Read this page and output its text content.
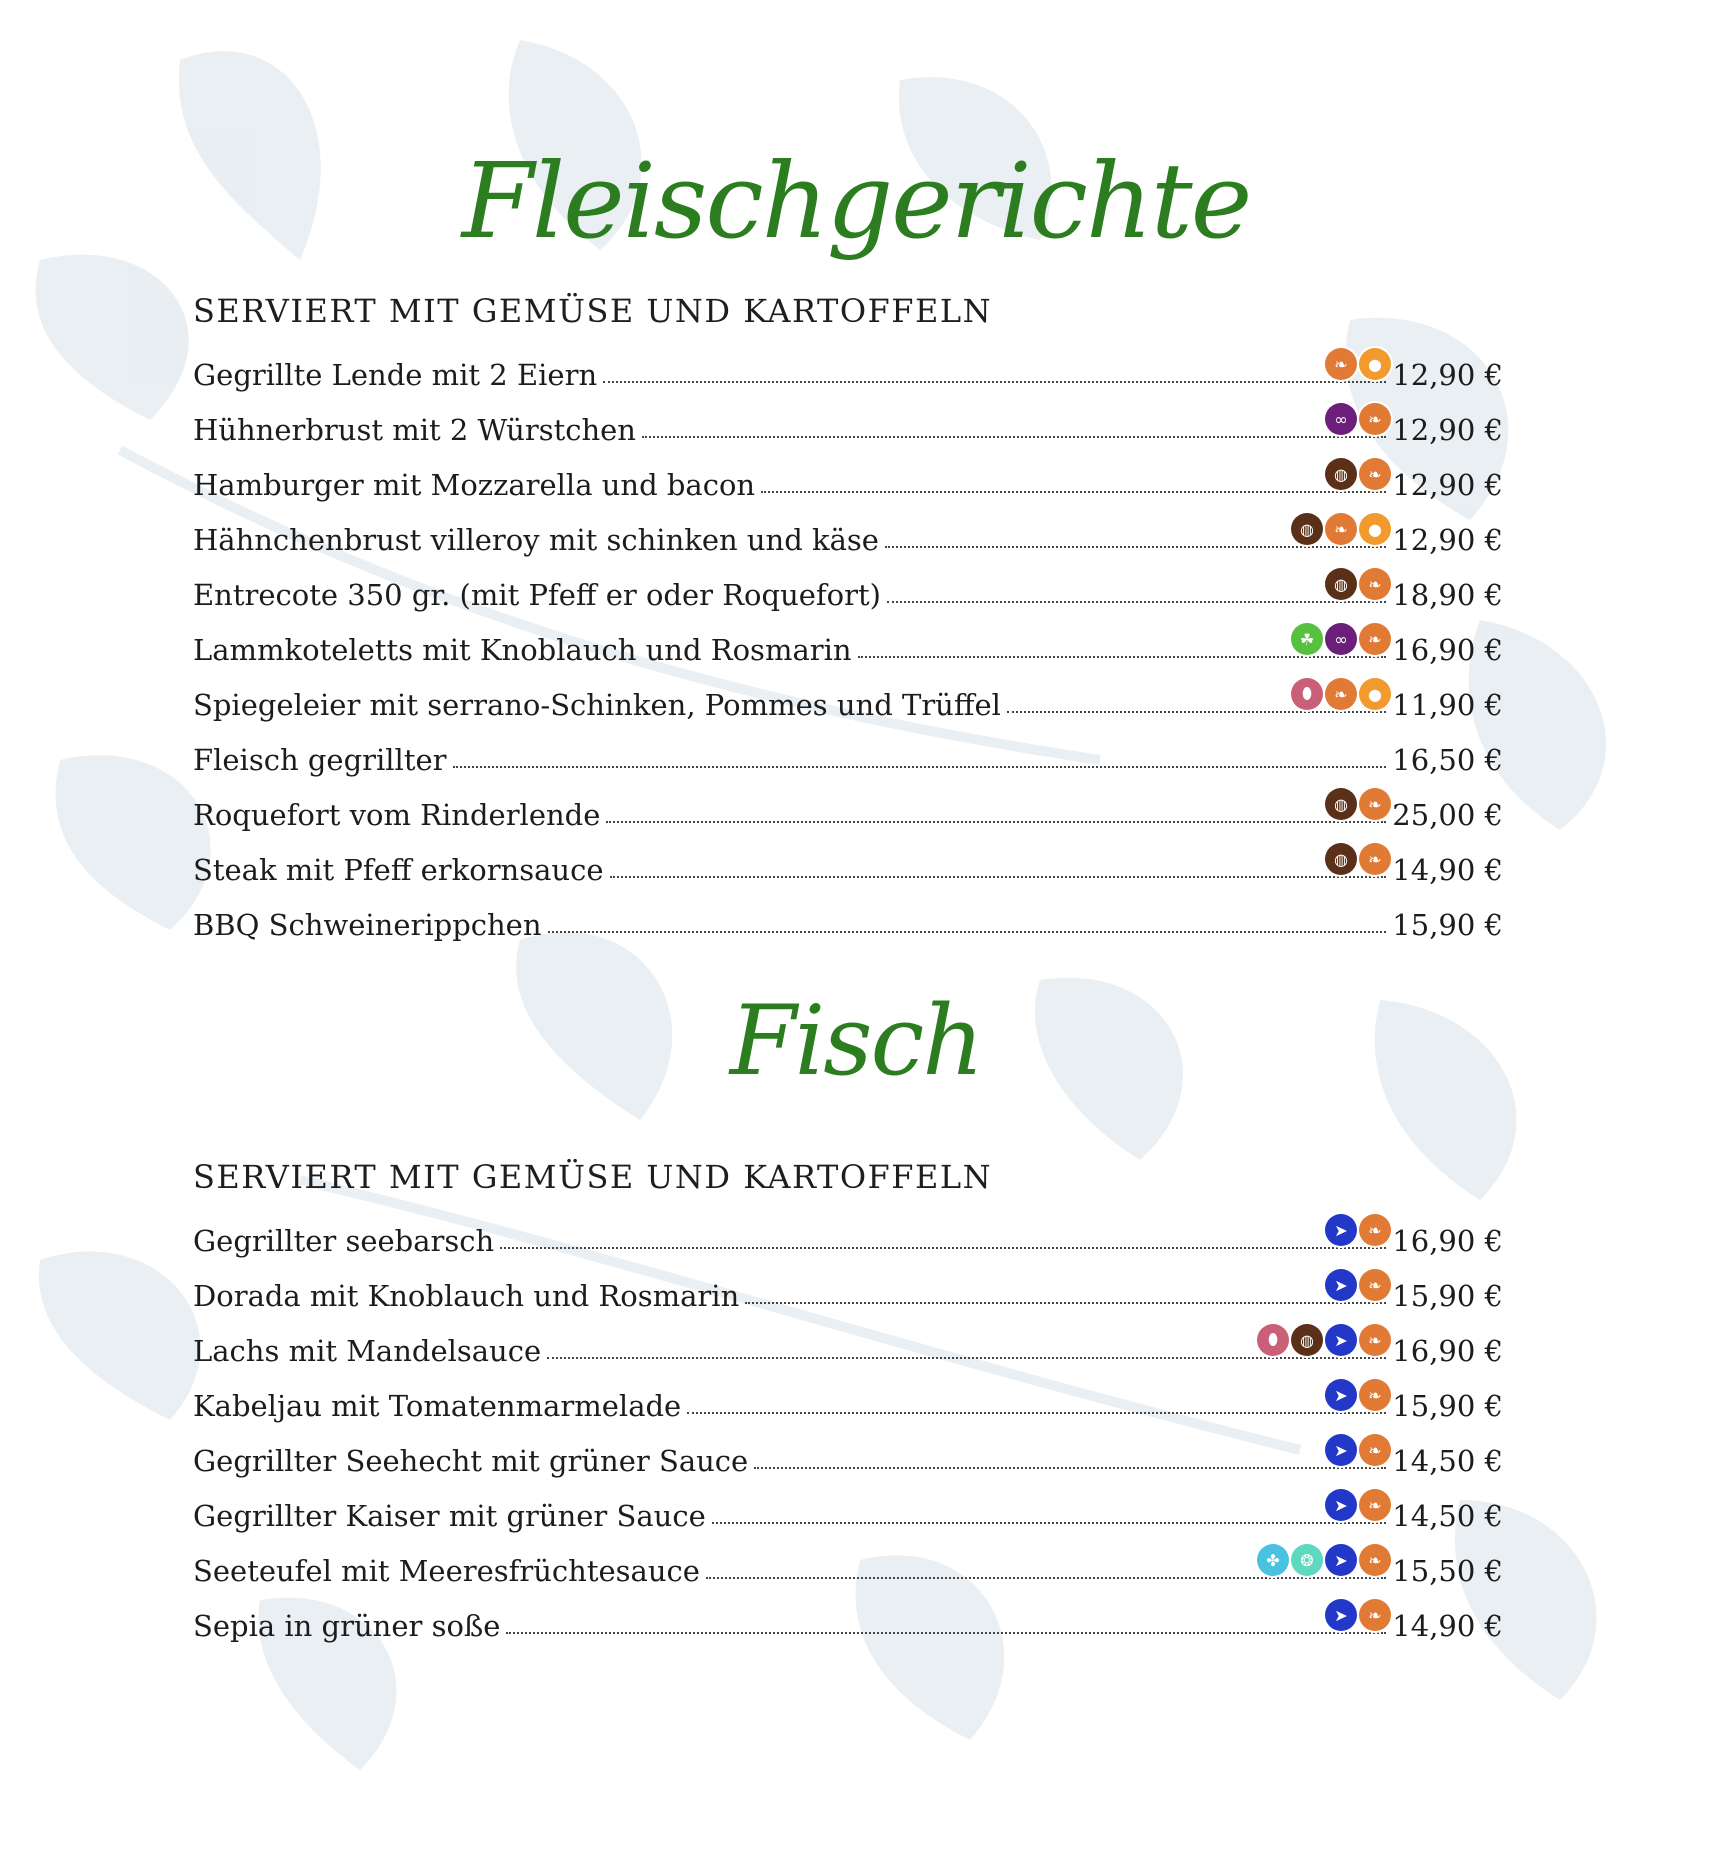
Fleischgerichte
SERVIERT MIT GEMÜSE UND KARTOFFELN
Gegrillte Lende mit 2 Eiern	❧	● 12,90 €
Hühnerbrust mit 2 Würstchen	∞	❧ 12,90 €
Hamburger mit Mozzarella und bacon	◍	❧ 12,90 €
Hähnchenbrust villeroy mit schinken und käse	◍	❧	● 12,90 €
Entrecote 350 gr. (mit Pfeff er oder Roquefort)	◍	❧ 18,90 €
Lammkoteletts mit Knoblauch und Rosmarin	☘	∞	❧ 16,90 €
Spiegeleier mit serrano-Schinken, Pommes und Trüffel	⬮	❧	● 11,90 €
Fleisch gegrillter	16,50 €
Roquefort vom Rinderlende	◍	❧ 25,00 €
Steak mit Pfeff erkornsauce	◍	❧ 14,90 €
BBQ Schweinerippchen	15,90 €
Fisch
SERVIERT MIT GEMÜSE UND KARTOFFELN
Gegrillter seebarsch	➤	❧ 16,90 €
Dorada mit Knoblauch und Rosmarin	➤	❧ 15,90 €
Lachs mit Mandelsauce	⬮	◍	➤	❧ 16,90 €
Kabeljau mit Tomatenmarmelade	➤	❧ 15,90 €
Gegrillter Seehecht mit grüner Sauce	➤	❧ 14,50 €
Gegrillter Kaiser mit grüner Sauce	➤	❧ 14,50 €
Seeteufel mit Meeresfrüchtesauce	✤	❂	➤	❧ 15,50 €
Sepia in grüner soße	➤	❧ 14,90 €
